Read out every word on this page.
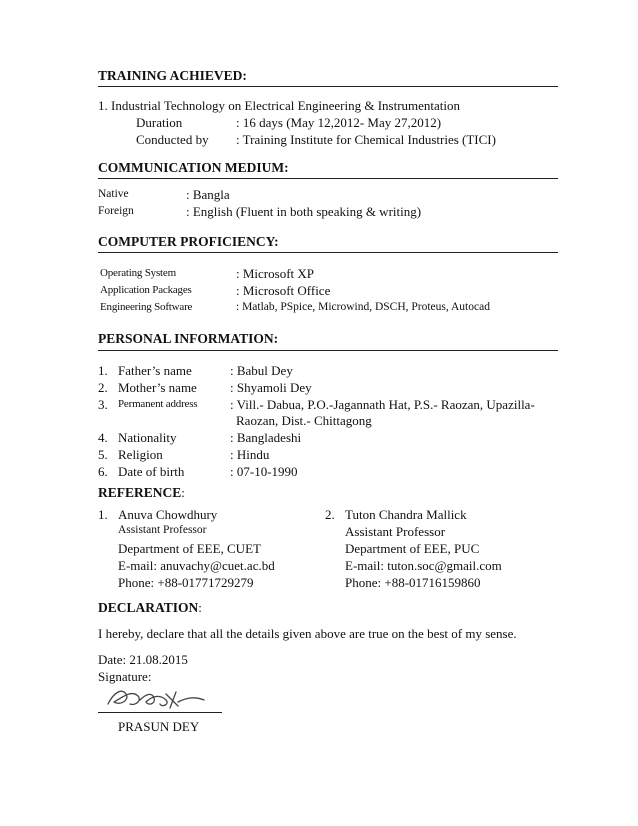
TRAINING ACHIEVED:
1. Industrial Technology on Electrical Engineering & Instrumentation
Duration	: 16 days (May 12,2012- May 27,2012)
Conducted by : Training Institute for Chemical Industries (TICI)
COMMUNICATION MEDIUM:
Native	: Bangla
Foreign	: English (Fluent in both speaking & writing)
COMPUTER PROFICIENCY:
Operating System	: Microsoft XP
Application Packages	: Microsoft Office
Engineering Software	: Matlab, PSpice, Microwind, DSCH, Proteus, Autocad
PERSONAL INFORMATION:
1. Father’s name	: Babul Dey
2. Mother’s name	: Shyamoli Dey
3. Permanent address	: Vill.- Dabua, P.O.-Jagannath Hat, P.S.- Raozan, Upazilla-
Raozan, Dist.- Chittagong
4. Nationality	: Bangladeshi
5. Religion	: Hindu
6. Date of birth	: 07-10-1990
REFERENCE:
1. Anuva Chowdhury
Assistant Professor
Department of EEE, CUET
E-mail: anuvachy@cuet.ac.bd
Phone: +88-01771729279
2. Tuton Chandra Mallick
Assistant Professor
Department of EEE, PUC
E-mail: tuton.soc@gmail.com
Phone: +88-01716159860
DECLARATION:
I hereby, declare that all the details given above are true on the best of my sense.
Date: 21.08.2015
Signature:
PRASUN DEY
